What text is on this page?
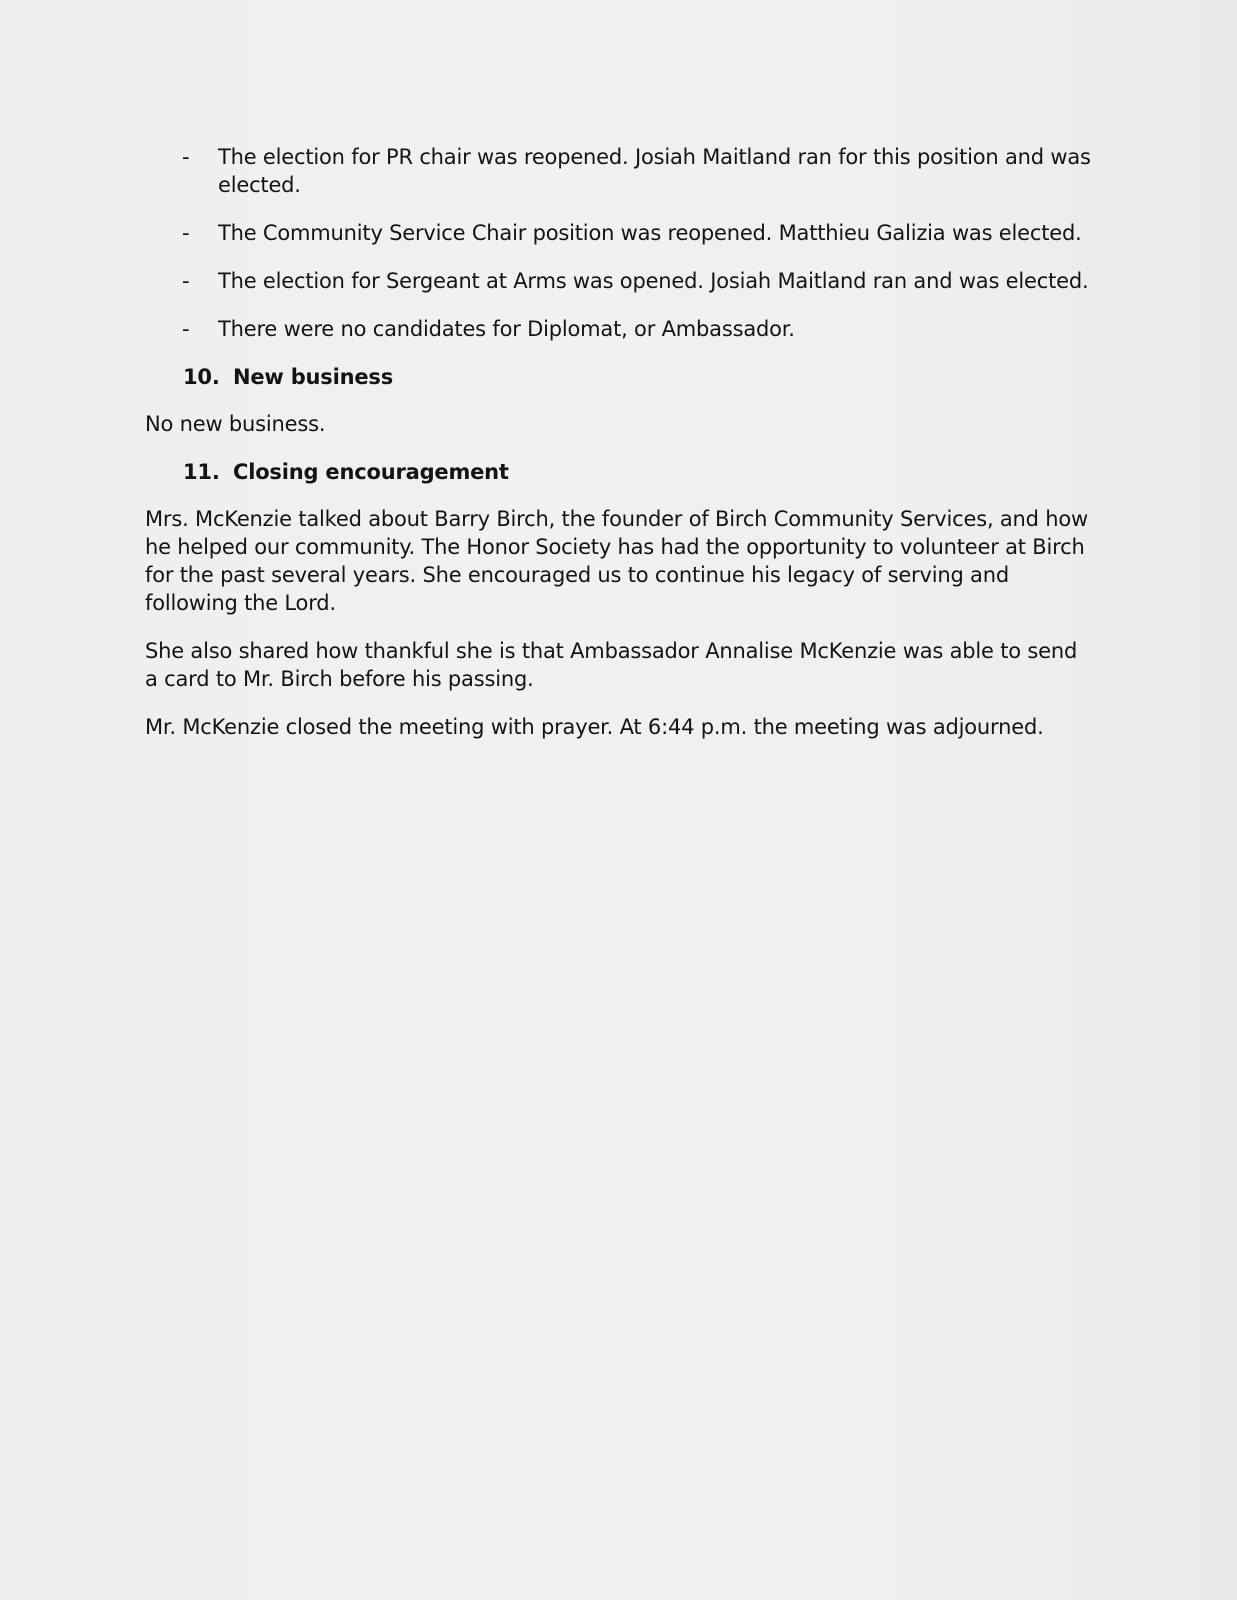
- The election for PR chair was reopened. Josiah Maitland ran for this position and was elected.
- The Community Service Chair position was reopened. Matthieu Galizia was elected.
- The election for Sergeant at Arms was opened. Josiah Maitland ran and was elected.
- There were no candidates for Diplomat, or Ambassador.
10. New business

No new business.

11. Closing encouragement

Mrs. McKenzie talked about Barry Birch, the founder of Birch Community Services, and how he helped our community. The Honor Society has had the opportunity to volunteer at Birch for the past several years. She encouraged us to continue his legacy of serving and following the Lord.

She also shared how thankful she is that Ambassador Annalise McKenzie was able to send a card to Mr. Birch before his passing.

Mr. McKenzie closed the meeting with prayer. At 6:44 p.m. the meeting was adjourned.
